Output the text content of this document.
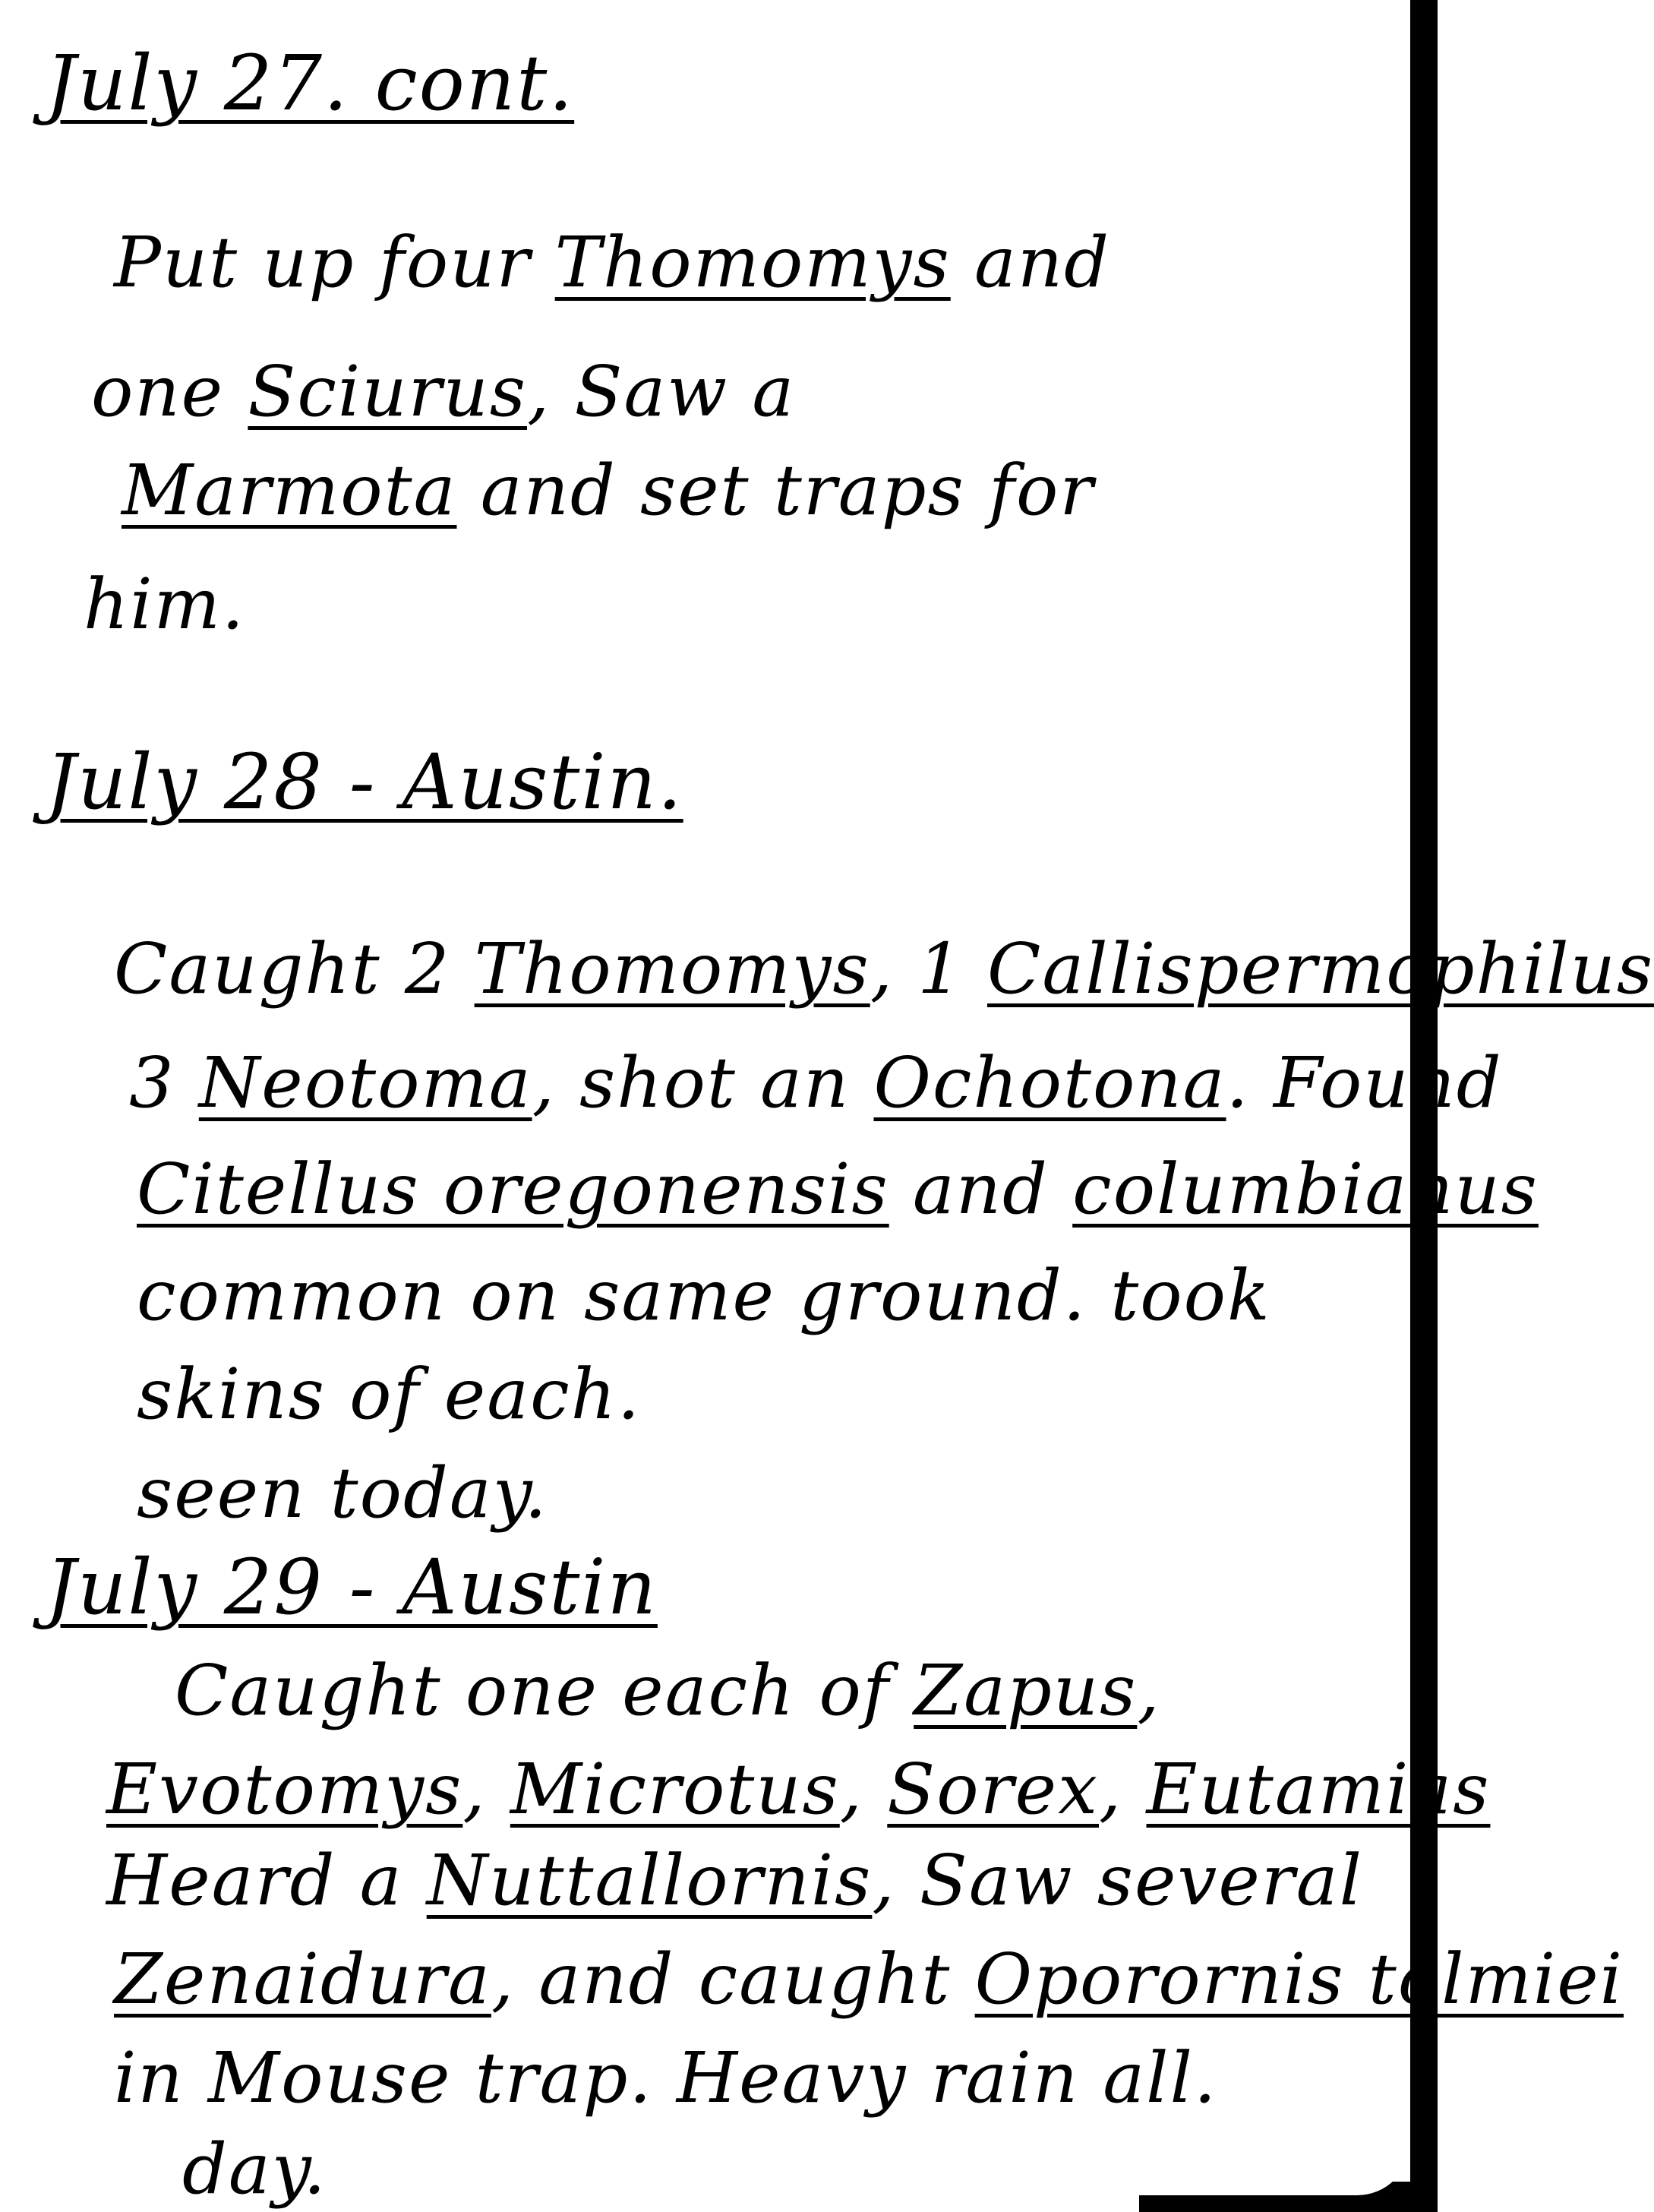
July 27. cont.
Put up four Thomomys and
one Sciurus, Saw a
Marmota and set traps for
him.
July 28 - Austin.
Caught 2 Thomomys, 1 Callispermophilus
3 Neotoma, shot an Ochotona. Found
Citellus oregonensis and columbianus
common on same ground. took
skins of each.
seen today.
July 29 - Austin
Caught one each of Zapus,
Evotomys, Microtus, Sorex, Eutamias
Heard a Nuttallornis, Saw several
Zenaidura, and caught Oporornis tolmiei
in Mouse trap. Heavy rain all.
day.
